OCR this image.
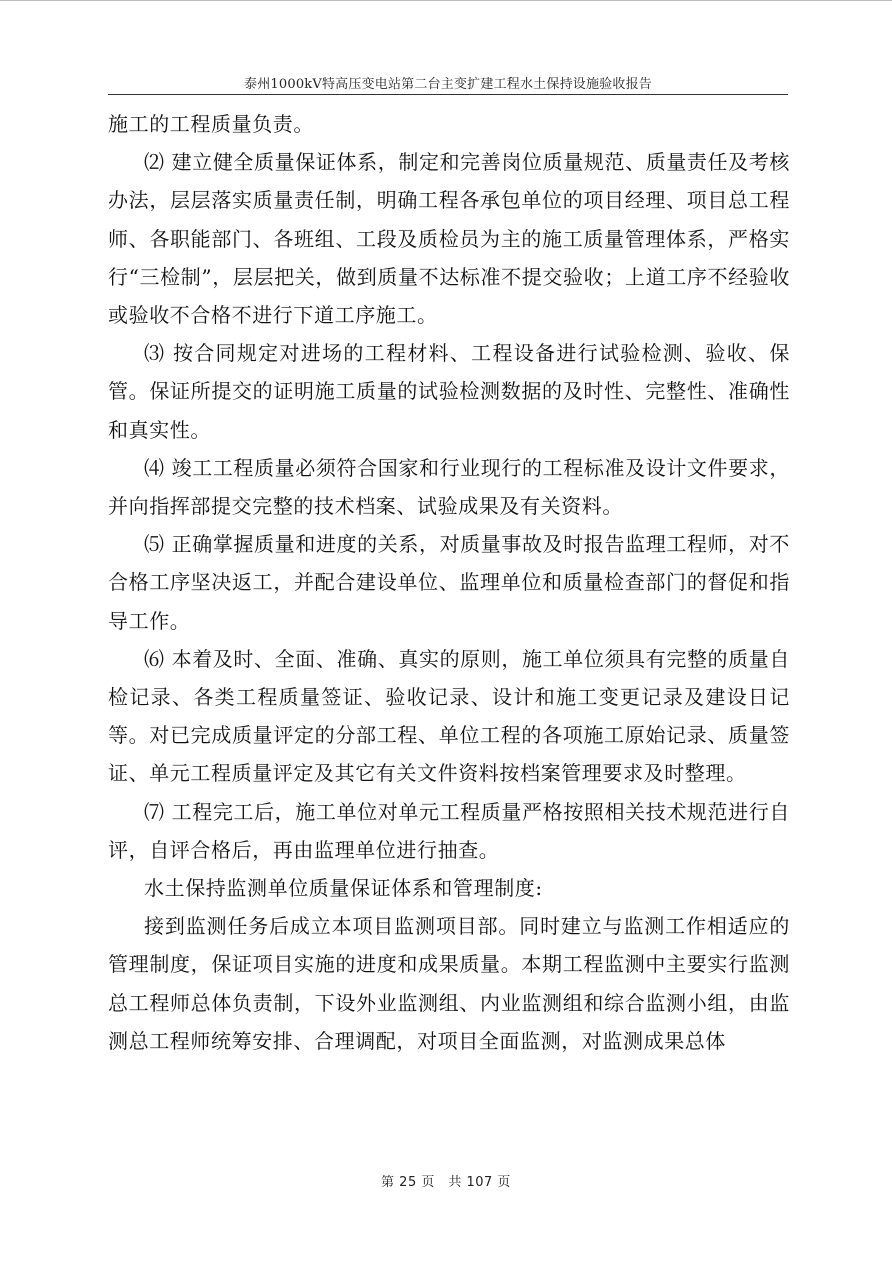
泰州1000kV特高压变电站第二台主变扩建工程水土保持设施验收报告

施工的工程质量负责。

⑵ 建立健全质量保证体系，制定和完善岗位质量规范、质量责任及考核办法，层层落实质量责任制，明确工程各承包单位的项目经理、项目总工程师、各职能部门、各班组、工段及质检员为主的施工质量管理体系，严格实行“三检制”，层层把关，做到质量不达标准不提交验收；上道工序不经验收或验收不合格不进行下道工序施工。

⑶ 按合同规定对进场的工程材料、工程设备进行试验检测、验收、保管。保证所提交的证明施工质量的试验检测数据的及时性、完整性、准确性和真实性。

⑷ 竣工工程质量必须符合国家和行业现行的工程标准及设计文件要求，并向指挥部提交完整的技术档案、试验成果及有关资料。

⑸ 正确掌握质量和进度的关系，对质量事故及时报告监理工程师，对不合格工序坚决返工，并配合建设单位、监理单位和质量检查部门的督促和指导工作。

⑹ 本着及时、全面、准确、真实的原则，施工单位须具有完整的质量自检记录、各类工程质量签证、验收记录、设计和施工变更记录及建设日记等。对已完成质量评定的分部工程、单位工程的各项施工原始记录、质量签证、单元工程质量评定及其它有关文件资料按档案管理要求及时整理。

⑺ 工程完工后，施工单位对单元工程质量严格按照相关技术规范进行自评，自评合格后，再由监理单位进行抽查。

水土保持监测单位质量保证体系和管理制度:

接到监测任务后成立本项目监测项目部。同时建立与监测工作相适应的管理制度，保证项目实施的进度和成果质量。本期工程监测中主要实行监测总工程师总体负责制，下设外业监测组、内业监测组和综合监测小组，由监测总工程师统筹安排、合理调配，对项目全面监测，对监测成果总体

第 25 页　共 107 页
